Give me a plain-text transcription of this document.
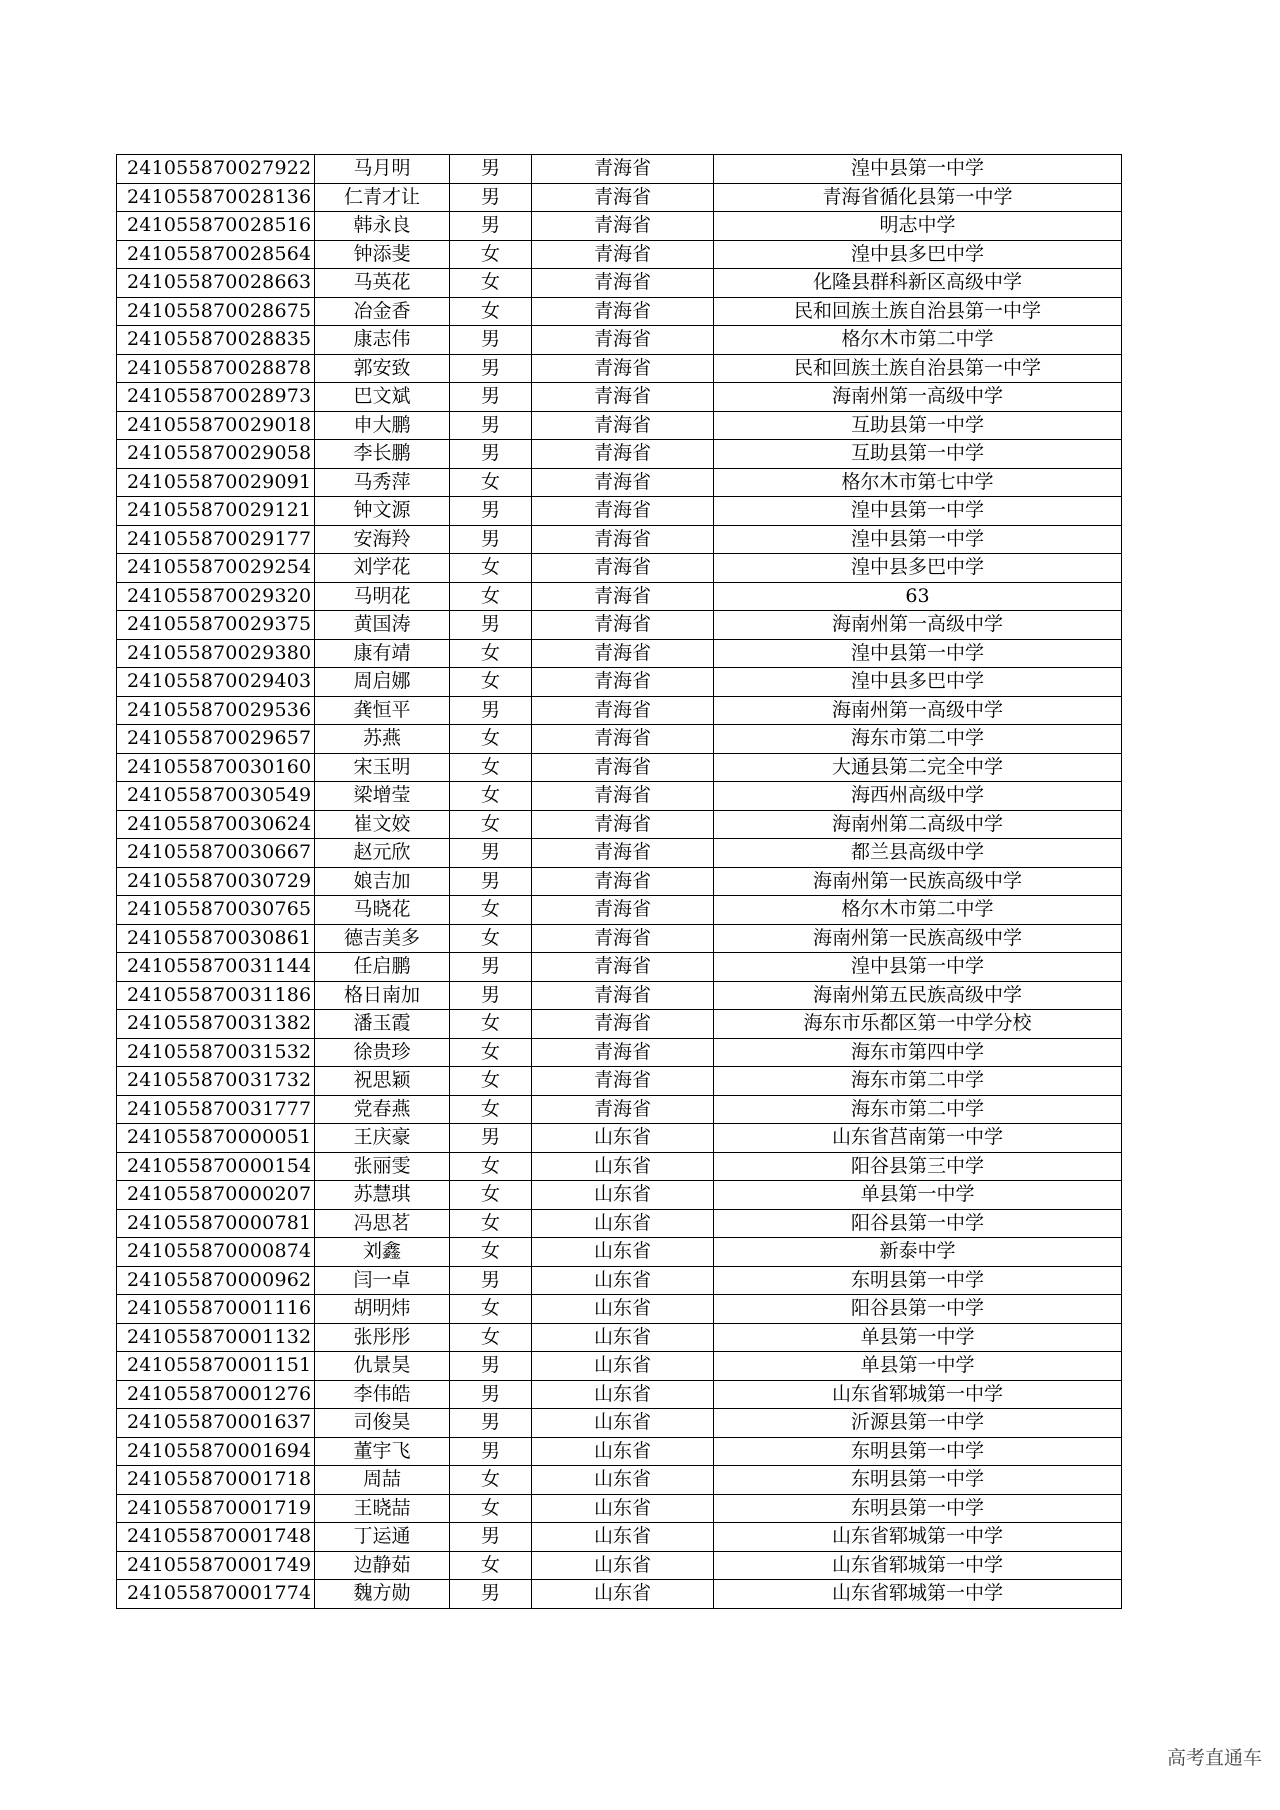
241055870027922	马月明	男	青海省	湟中县第一中学
241055870028136	仁青才让	男	青海省	青海省循化县第一中学
241055870028516	韩永良	男	青海省	明志中学
241055870028564	钟添斐	女	青海省	湟中县多巴中学
241055870028663	马英花	女	青海省	化隆县群科新区高级中学
241055870028675	冶金香	女	青海省	民和回族土族自治县第一中学
241055870028835	康志伟	男	青海省	格尔木市第二中学
241055870028878	郭安致	男	青海省	民和回族土族自治县第一中学
241055870028973	巴文斌	男	青海省	海南州第一高级中学
241055870029018	申大鹏	男	青海省	互助县第一中学
241055870029058	李长鹏	男	青海省	互助县第一中学
241055870029091	马秀萍	女	青海省	格尔木市第七中学
241055870029121	钟文源	男	青海省	湟中县第一中学
241055870029177	安海羚	男	青海省	湟中县第一中学
241055870029254	刘学花	女	青海省	湟中县多巴中学
241055870029320	马明花	女	青海省	63
241055870029375	黄国涛	男	青海省	海南州第一高级中学
241055870029380	康有靖	女	青海省	湟中县第一中学
241055870029403	周启娜	女	青海省	湟中县多巴中学
241055870029536	龚恒平	男	青海省	海南州第一高级中学
241055870029657	苏燕	女	青海省	海东市第二中学
241055870030160	宋玉明	女	青海省	大通县第二完全中学
241055870030549	梁增莹	女	青海省	海西州高级中学
241055870030624	崔文姣	女	青海省	海南州第二高级中学
241055870030667	赵元欣	男	青海省	都兰县高级中学
241055870030729	娘吉加	男	青海省	海南州第一民族高级中学
241055870030765	马晓花	女	青海省	格尔木市第二中学
241055870030861	德吉美多	女	青海省	海南州第一民族高级中学
241055870031144	任启鹏	男	青海省	湟中县第一中学
241055870031186	格日南加	男	青海省	海南州第五民族高级中学
241055870031382	潘玉霞	女	青海省	海东市乐都区第一中学分校
241055870031532	徐贵珍	女	青海省	海东市第四中学
241055870031732	祝思颖	女	青海省	海东市第二中学
241055870031777	党春燕	女	青海省	海东市第二中学
241055870000051	王庆豪	男	山东省	山东省莒南第一中学
241055870000154	张丽雯	女	山东省	阳谷县第三中学
241055870000207	苏慧琪	女	山东省	单县第一中学
241055870000781	冯思茗	女	山东省	阳谷县第一中学
241055870000874	刘鑫	女	山东省	新泰中学
241055870000962	闫一卓	男	山东省	东明县第一中学
241055870001116	胡明炜	女	山东省	阳谷县第一中学
241055870001132	张彤彤	女	山东省	单县第一中学
241055870001151	仇景昊	男	山东省	单县第一中学
241055870001276	李伟皓	男	山东省	山东省郓城第一中学
241055870001637	司俊昊	男	山东省	沂源县第一中学
241055870001694	董宇飞	男	山东省	东明县第一中学
241055870001718	周喆	女	山东省	东明县第一中学
241055870001719	王晓喆	女	山东省	东明县第一中学
241055870001748	丁运通	男	山东省	山东省郓城第一中学
241055870001749	边静茹	女	山东省	山东省郓城第一中学
241055870001774	魏方勋	男	山东省	山东省郓城第一中学
高考直通车
